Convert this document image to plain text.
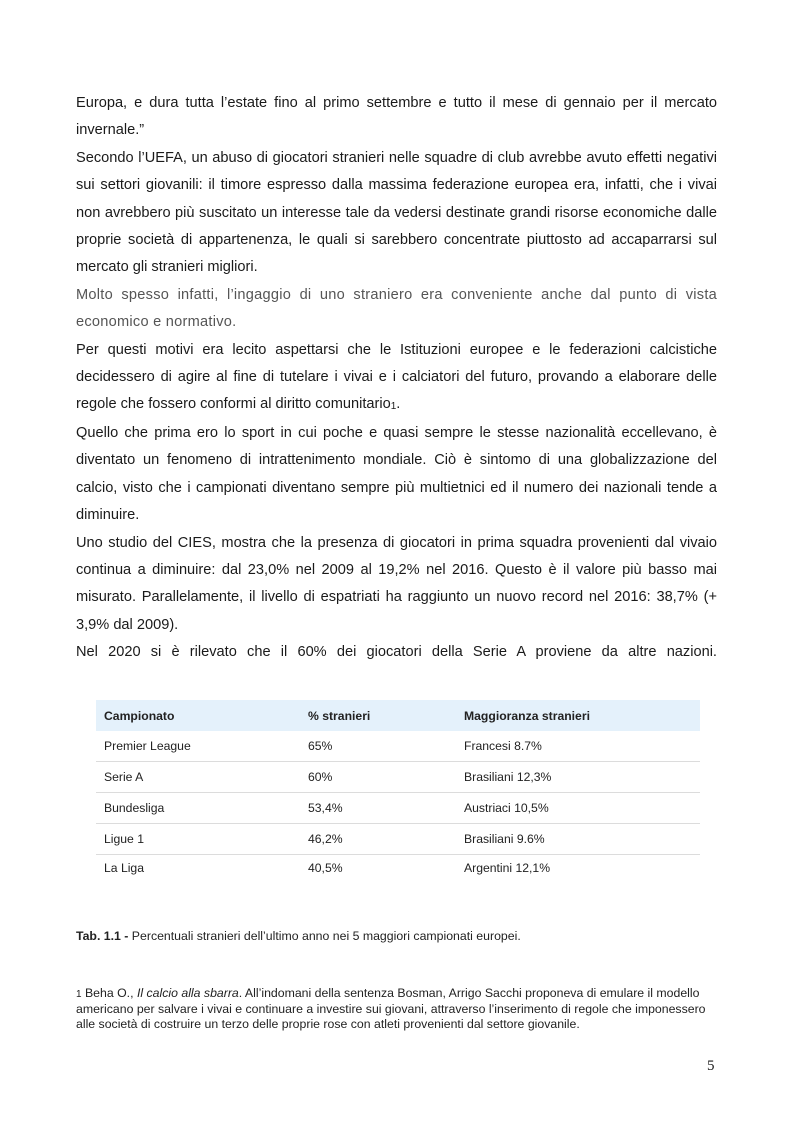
Europa, e dura tutta l’estate fino al primo settembre e tutto il mese di gennaio per il mercato invernale.”

Secondo l’UEFA, un abuso di giocatori stranieri nelle squadre di club avrebbe avuto effetti negativi sui settori giovanili: il timore espresso dalla massima federazione europea era, infatti, che i vivai non avrebbero più suscitato un interesse tale da vedersi destinate grandi risorse economiche dalle proprie società di appartenenza, le quali si sarebbero concentrate piuttosto ad accaparrarsi sul mercato gli stranieri migliori.

Molto spesso infatti, l’ingaggio di uno straniero era conveniente anche dal punto di vista economico e normativo.

Per questi motivi era lecito aspettarsi che le Istituzioni europee e le federazioni calcistiche decidessero di agire al fine di tutelare i vivai e i calciatori del futuro, provando a elaborare delle regole che fossero conformi al diritto comunitario$_1$.

Quello che prima ero lo sport in cui poche e quasi sempre le stesse nazionalità eccellevano, è diventato un fenomeno di intrattenimento mondiale. Ciò è sintomo di una globalizzazione del calcio, visto che i campionati diventano sempre più multietnici ed il numero dei nazionali tende a diminuire.

Uno studio del CIES, mostra che la presenza di giocatori in prima squadra provenienti dal vivaio continua a diminuire: dal 23,0% nel 2009 al 19,2% nel 2016. Questo è il valore più basso mai misurato. Parallelamente, il livello di espatriati ha raggiunto un nuovo record nel 2016: 38,7% (+ 3,9% dal 2009).

Nel 2020 si è rilevato che il 60% dei giocatori della Serie A proviene da altre nazioni.

Campionato	% stranieri	Maggioranza stranieri
Premier League	65%	Francesi 8.7%
Serie A	60%	Brasiliani 12,3%
Bundesliga	53,4%	Austriaci 10,5%
Ligue 1	46,2%	Brasiliani 9.6%
La Liga	40,5%	Argentini 12,1%
Tab. 1.1 - Percentuali stranieri dell’ultimo anno nei 5 maggiori campionati europei.

1 Beha O., Il calcio alla sbarra. All’indomani della sentenza Bosman, Arrigo Sacchi proponeva di emulare il modello americano per salvare i vivai e continuare a investire sui giovani, attraverso l’inserimento di regole che imponessero alle società di costruire un terzo delle proprie rose con atleti provenienti dal settore giovanile.

5
